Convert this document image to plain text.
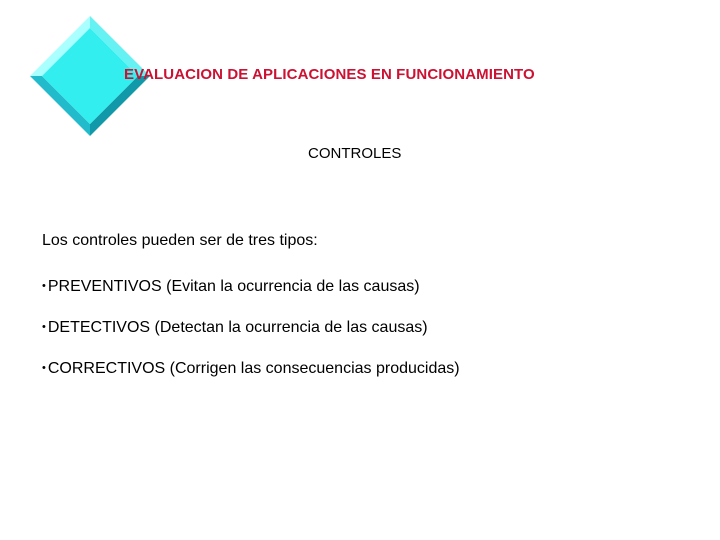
EVALUACION DE APLICACIONES EN FUNCIONAMIENTO
CONTROLES
Los controles pueden ser de tres tipos:
• PREVENTIVOS (Evitan la ocurrencia de las causas)
• DETECTIVOS (Detectan la ocurrencia de las causas)
• CORRECTIVOS (Corrigen las consecuencias producidas)
